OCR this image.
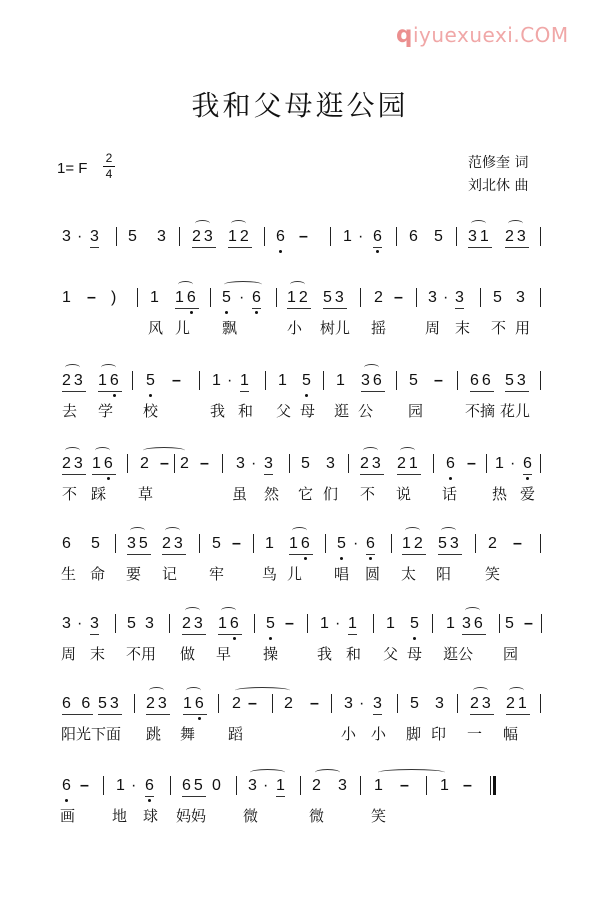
qiyuexuexi.COM
我和父母逛公园
1= F
2
4
范修奎 词
刘北休 曲
3 · 3 5 3 23 12 6 – 1 · 6 6 5 31 23
1 – ) 1 16 5 · 6 12 53 2 – 3 · 3 5 3
风 儿 飘	小 树儿 摇	周 末 不 用
23 16 5 – 1 · 1 1 5 1 36 5 – 66 53
去 学 校	我 和 父 母 逛 公 园	不摘 花儿
23 16 2 – 2 – 3 · 3 5 3 23 21 6 – 1 · 6
不 踩 草	虽 然 它 们 不 说 话 热 爱
6 5 35 23 5 – 1 16 5 · 6 12 53 2 –
生 命 要 记 牢	鸟 儿 唱 圆 太 阳 笑
3 · 3 5 3 23 16 5 – 1 · 1 1 5 1 36 5 –
周 末 不用 做 早 操	我 和 父 母 逛公 园
6 6 53 23 16 2 – 2 – 3 · 3 5 3 23 21
阳光下面 跳 舞 蹈	小 小 脚 印 一 幅
6 – 1 · 6 65 0 3 · 1 2 3 1 – 1 –
画 地 球 妈妈 微	微	笑
